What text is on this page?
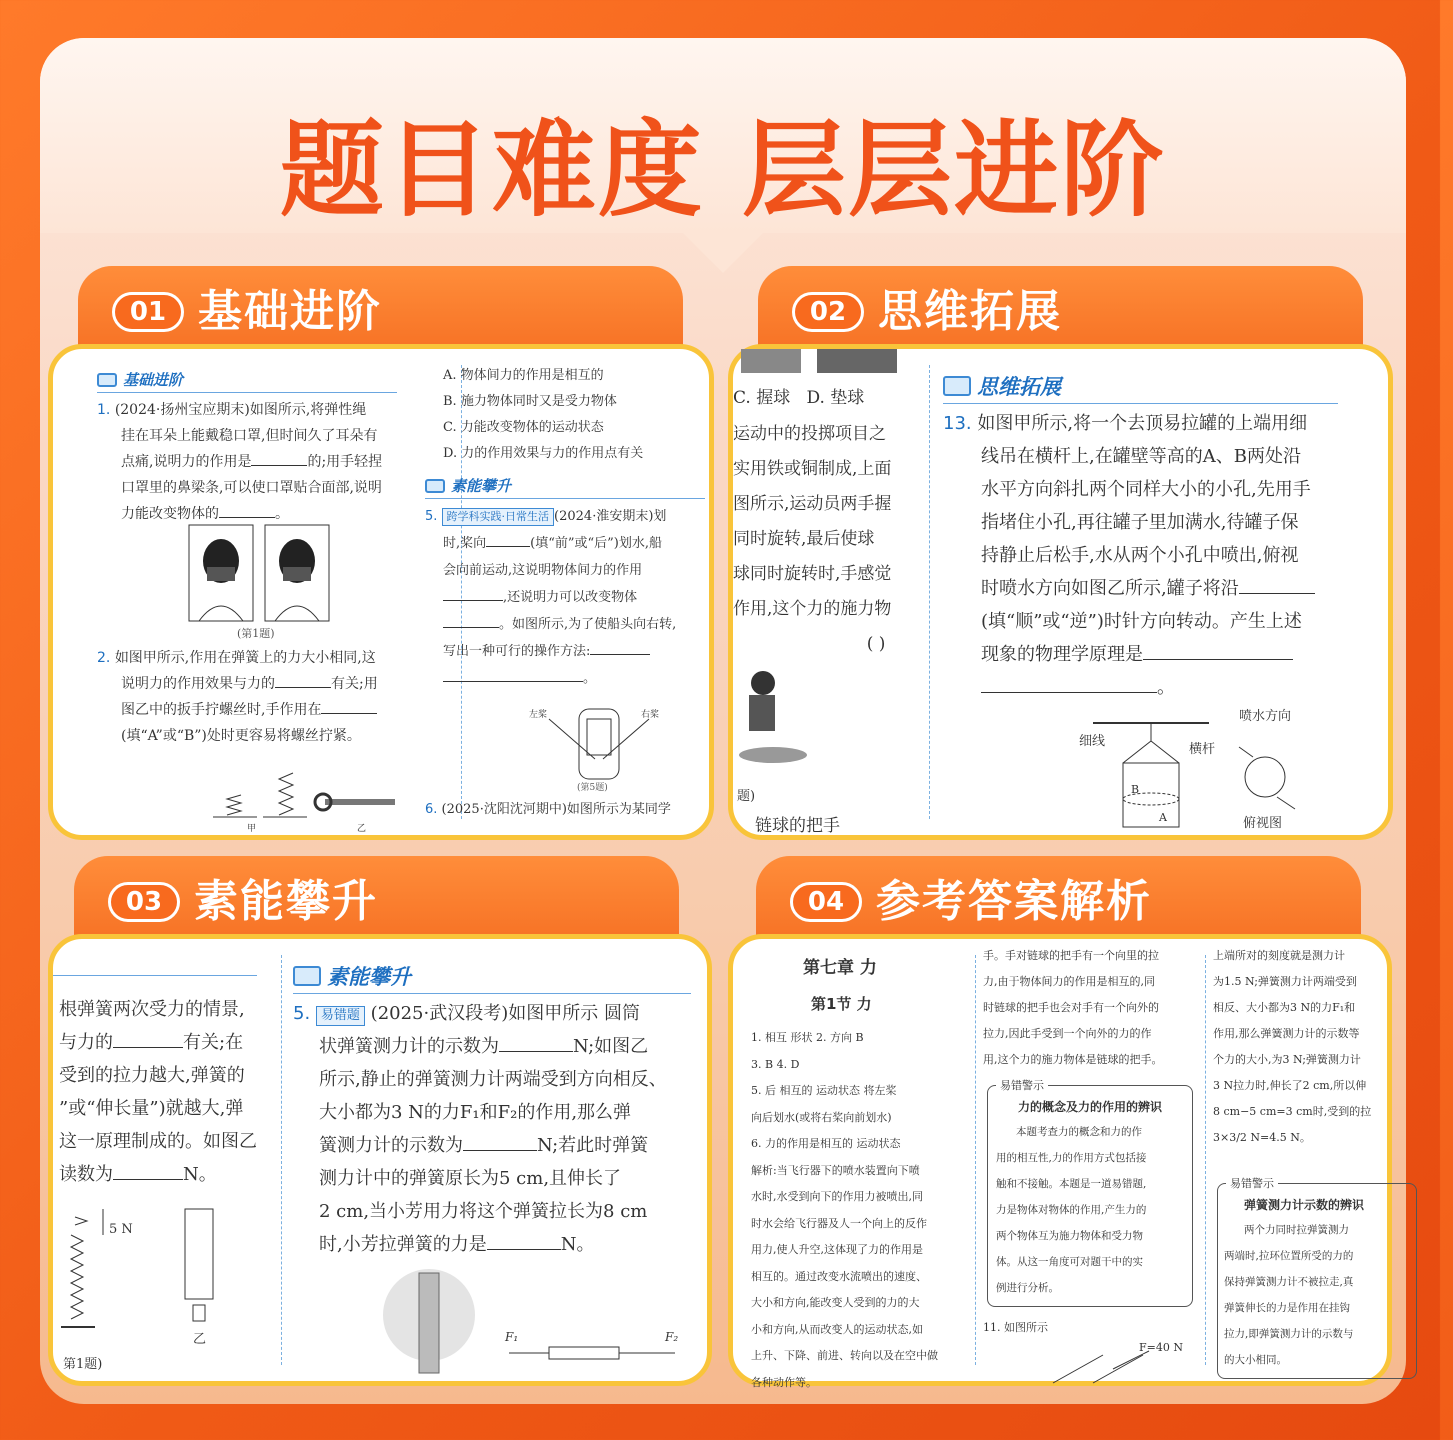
题目难度 层层进阶
01 基础进阶
基础进阶
1. (2024·扬州宝应期末)如图所示,将弹性绳
挂在耳朵上能戴稳口罩,但时间久了耳朵有
点痛,说明力的作用是	的;用手轻捏
口罩里的鼻梁条,可以使口罩贴合面部,说明
力能改变物体的	。
(第1题)
2. 如图甲所示,作用在弹簧上的力大小相同,这
说明力的作用效果与力的	有关;用
图乙中的扳手拧螺丝时,手作用在
(填“A”或“B”)处时更容易将螺丝拧紧。
甲	乙
A. 物体间力的作用是相互的
B. 施力物体同时又是受力物体
C. 力能改变物体的运动状态
D. 力的作用效果与力的作用点有关
素能攀升
5. 跨学科实践·日常生活 (2024·淮安期末)划
时,桨向	(填“前”或“后”)划水,船
会向前运动,这说明物体间力的作用
,还说明力可以改变物体
。如图所示,为了使船头向右转,
写出一种可行的操作方法:
。
左桨	右桨
(第5题)
6. (2025·沈阳沈河期中)如图所示为某同学
02 思维拓展
C. 握球 D. 垫球
运动中的投掷项目之
实用铁或铜制成,上面
图所示,运动员两手握
同时旋转,最后使球
球同时旋转时,手感觉
作用,这个力的施力物
( )
题)
链球的把手
思维拓展
13. 如图甲所示,将一个去顶易拉罐的上端用细
线吊在横杆上,在罐壁等高的A、B两处沿
水平方向斜扎两个同样大小的小孔,先用手
指堵住小孔,再往罐子里加满水,待罐子保
持静止后松手,水从两个小孔中喷出,俯视
时喷水方向如图乙所示,罐子将沿
(填“顺”或“逆”)时针方向转动。产生上述
现象的物理学原理是
。
细线
横杆
B
A
喷水方向
俯视图
03 素能攀升
根弹簧两次受力的情景,
与力的	有关;在
受到的拉力越大,弹簧的
”或“伸长量”)就越大,弹
这一原理制成的。如图乙
读数为	N。
5 N
乙
第1题)
素能攀升
5. 易错题 (2025·武汉段考)如图甲所示 圆筒
状弹簧测力计的示数为	N;如图乙
所示,静止的弹簧测力计两端受到方向相反、
大小都为3 N的力F₁和F₂的作用,那么弹
簧测力计的示数为	N;若此时弹簧
测力计中的弹簧原长为5 cm,且伸长了
2 cm,当小芳用力将这个弹簧拉长为8 cm
时,小芳拉弹簧的力是	N。
F₁	F₂
04 参考答案解析
第七章 力
第1节 力
1. 相互 形状 2. 方向 B
3. B 4. D
5. 后 相互的 运动状态 将左桨
向后划水(或将右桨向前划水)
6. 力的作用是相互的 运动状态
解析:当飞行器下的喷水装置向下喷
水时,水受到向下的作用力被喷出,同
时水会给飞行器及人一个向上的反作
用力,使人升空,这体现了力的作用是
相互的。通过改变水流喷出的速度、
大小和方向,能改变人受到的力的大
小和方向,从而改变人的运动状态,如
上升、下降、前进、转向以及在空中做
各种动作等。
手。手对链球的把手有一个向里的拉
力,由于物体间力的作用是相互的,同
时链球的把手也会对手有一个向外的
拉力,因此手受到一个向外的力的作
用,这个力的施力物体是链球的把手。
易错警示
力的概念及力的作用的辨识
本题考查力的概念和力的作
用的相互性,力的作用方式包括接
触和不接触。本题是一道易错题,
力是物体对物体的作用,产生力的
两个物体互为施力物体和受力物
体。从这一角度可对题干中的实
例进行分析。
11. 如图所示
F=40 N
上端所对的刻度就是测力计
为1.5 N;弹簧测力计两端受到
相反、大小都为3 N的力F₁和
作用,那么弹簧测力计的示数等
个力的大小,为3 N;弹簧测力计
3 N拉力时,伸长了2 cm,所以伸
8 cm−5 cm=3 cm时,受到的拉
3×3/2 N=4.5 N。
易错警示
弹簧测力计示数的辨识
两个力同时拉弹簧测力
两端时,拉环位置所受的力的
保持弹簧测力计不被拉走,真
弹簧伸长的力是作用在挂钩
拉力,即弹簧测力计的示数与
的大小相同。
